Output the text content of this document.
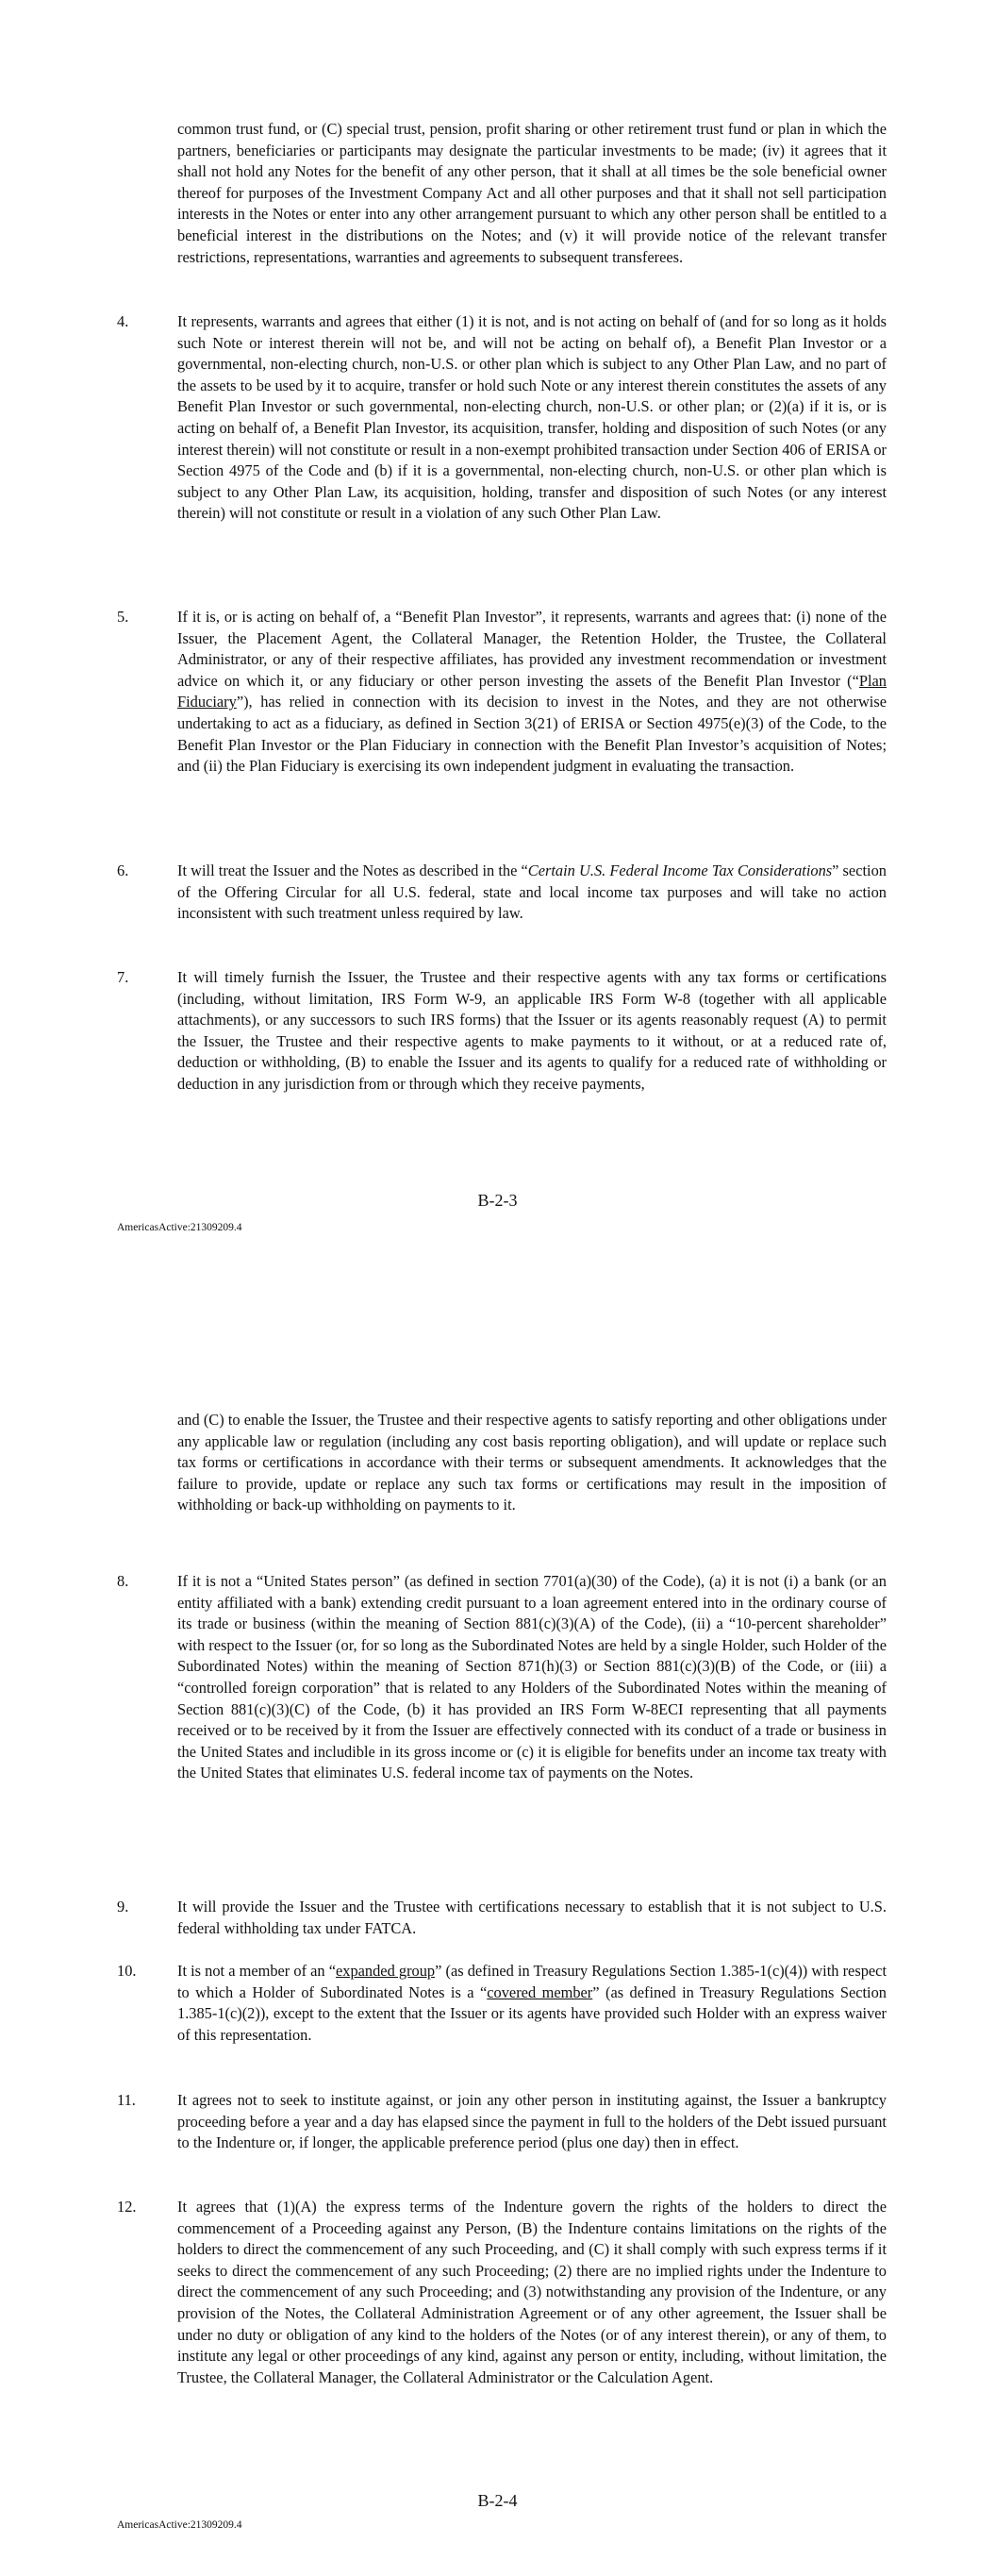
common trust fund, or (C) special trust, pension, profit sharing or other retirement trust fund or plan in which the partners, beneficiaries or participants may designate the particular investments to be made; (iv) it agrees that it shall not hold any Notes for the benefit of any other person, that it shall at all times be the sole beneficial owner thereof for purposes of the Investment Company Act and all other purposes and that it shall not sell participation interests in the Notes or enter into any other arrangement pursuant to which any other person shall be entitled to a beneficial interest in the distributions on the Notes; and (v) it will provide notice of the relevant transfer restrictions, representations, warranties and agreements to subsequent transferees.

4.	It represents, warrants and agrees that either (1) it is not, and is not acting on behalf of (and for so long as it holds such Note or interest therein will not be, and will not be acting on behalf of), a Benefit Plan Investor or a governmental, non-electing church, non-U.S. or other plan which is subject to any Other Plan Law, and no part of the assets to be used by it to acquire, transfer or hold such Note or any interest therein constitutes the assets of any Benefit Plan Investor or such governmental, non-electing church, non-U.S. or other plan; or (2)(a) if it is, or is acting on behalf of, a Benefit Plan Investor, its acquisition, transfer, holding and disposition of such Notes (or any interest therein) will not constitute or result in a non-exempt prohibited transaction under Section 406 of ERISA or Section 4975 of the Code and (b) if it is a governmental, non-electing church, non-U.S. or other plan which is subject to any Other Plan Law, its acquisition, holding, transfer and disposition of such Notes (or any interest therein) will not constitute or result in a violation of any such Other Plan Law.
5.	If it is, or is acting on behalf of, a “Benefit Plan Investor”, it represents, warrants and agrees that: (i) none of the Issuer, the Placement Agent, the Collateral Manager, the Retention Holder, the Trustee, the Collateral Administrator, or any of their respective affiliates, has provided any investment recommendation or investment advice on which it, or any fiduciary or other person investing the assets of the Benefit Plan Investor (“Plan Fiduciary”), has relied in connection with its decision to invest in the Notes, and they are not otherwise undertaking to act as a fiduciary, as defined in Section 3(21) of ERISA or Section 4975(e)(3) of the Code, to the Benefit Plan Investor or the Plan Fiduciary in connection with the Benefit Plan Investor’s acquisition of Notes; and (ii) the Plan Fiduciary is exercising its own independent judgment in evaluating the transaction.
6.	It will treat the Issuer and the Notes as described in the “Certain U.S. Federal Income Tax Considerations” section of the Offering Circular for all U.S. federal, state and local income tax purposes and will take no action inconsistent with such treatment unless required by law.
7.	It will timely furnish the Issuer, the Trustee and their respective agents with any tax forms or certifications (including, without limitation, IRS Form W-9, an applicable IRS Form W-8 (together with all applicable attachments), or any successors to such IRS forms) that the Issuer or its agents reasonably request (A) to permit the Issuer, the Trustee and their respective agents to make payments to it without, or at a reduced rate of, deduction or withholding, (B) to enable the Issuer and its agents to qualify for a reduced rate of withholding or deduction in any jurisdiction from or through which they receive payments,
B-2-3
AmericasActive:21309209.4

and (C) to enable the Issuer, the Trustee and their respective agents to satisfy reporting and other obligations under any applicable law or regulation (including any cost basis reporting obligation), and will update or replace such tax forms or certifications in accordance with their terms or subsequent amendments. It acknowledges that the failure to provide, update or replace any such tax forms or certifications may result in the imposition of withholding or back-up withholding on payments to it.

8.	If it is not a “United States person” (as defined in section 7701(a)(30) of the Code), (a) it is not (i) a bank (or an entity affiliated with a bank) extending credit pursuant to a loan agreement entered into in the ordinary course of its trade or business (within the meaning of Section 881(c)(3)(A) of the Code), (ii) a “10-percent shareholder” with respect to the Issuer (or, for so long as the Subordinated Notes are held by a single Holder, such Holder of the Subordinated Notes) within the meaning of Section 871(h)(3) or Section 881(c)(3)(B) of the Code, or (iii) a “controlled foreign corporation” that is related to any Holders of the Subordinated Notes within the meaning of Section 881(c)(3)(C) of the Code, (b) it has provided an IRS Form W-8ECI representing that all payments received or to be received by it from the Issuer are effectively connected with its conduct of a trade or business in the United States and includible in its gross income or (c) it is eligible for benefits under an income tax treaty with the United States that eliminates U.S. federal income tax of payments on the Notes.
9.	It will provide the Issuer and the Trustee with certifications necessary to establish that it is not subject to U.S. federal withholding tax under FATCA.
10.	It is not a member of an “expanded group” (as defined in Treasury Regulations Section 1.385-1(c)(4)) with respect to which a Holder of Subordinated Notes is a “covered member” (as defined in Treasury Regulations Section 1.385-1(c)(2)), except to the extent that the Issuer or its agents have provided such Holder with an express waiver of this representation.
11.	It agrees not to seek to institute against, or join any other person in instituting against, the Issuer a bankruptcy proceeding before a year and a day has elapsed since the payment in full to the holders of the Debt issued pursuant to the Indenture or, if longer, the applicable preference period (plus one day) then in effect.
12.	It agrees that (1)(A) the express terms of the Indenture govern the rights of the holders to direct the commencement of a Proceeding against any Person, (B) the Indenture contains limitations on the rights of the holders to direct the commencement of any such Proceeding, and (C) it shall comply with such express terms if it seeks to direct the commencement of any such Proceeding; (2) there are no implied rights under the Indenture to direct the commencement of any such Proceeding; and (3) notwithstanding any provision of the Indenture, or any provision of the Notes, the Collateral Administration Agreement or of any other agreement, the Issuer shall be under no duty or obligation of any kind to the holders of the Notes (or of any interest therein), or any of them, to institute any legal or other proceedings of any kind, against any person or entity, including, without limitation, the Trustee, the Collateral Manager, the Collateral Administrator or the Calculation Agent.
B-2-4
AmericasActive:21309209.4
